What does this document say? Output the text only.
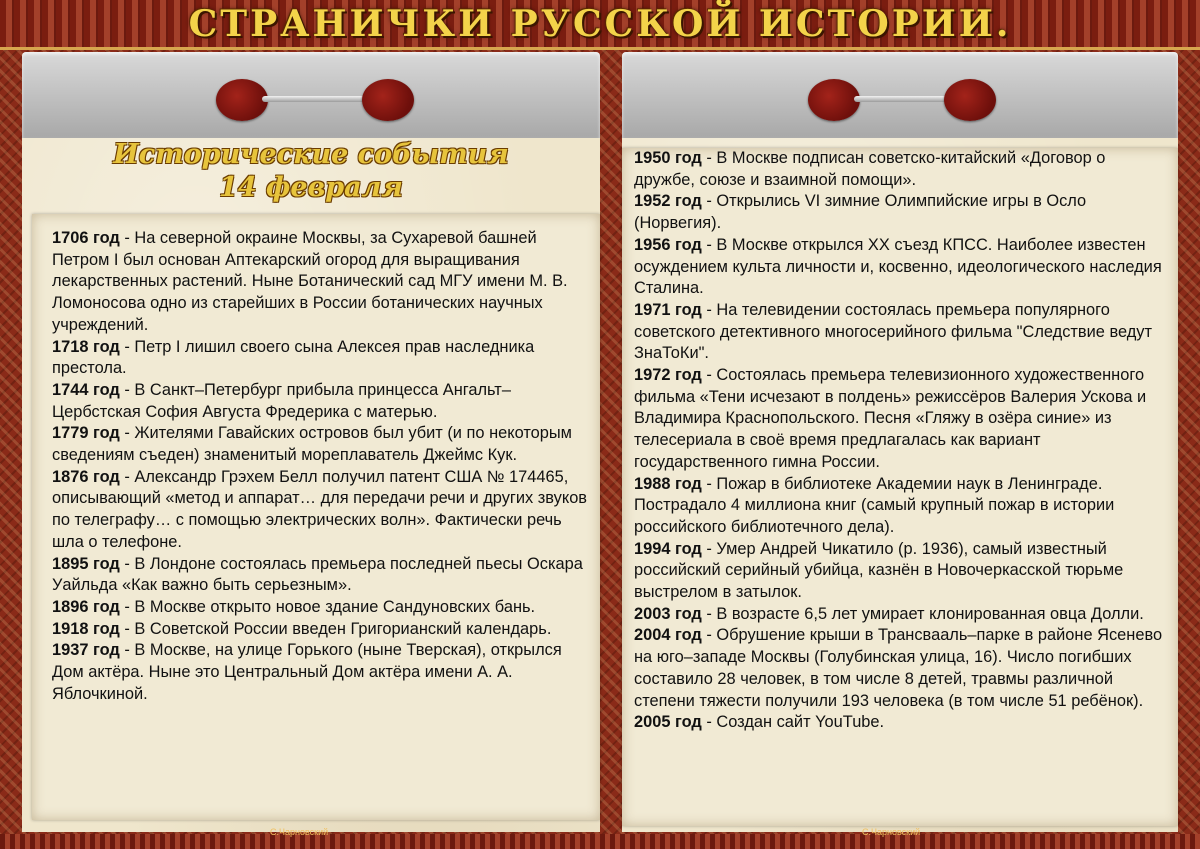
СТРАНИЧКИ РУССКОЙ ИСТОРИИ.
Исторические события
14 февраля

1706 год - На северной окраине Москвы, за Сухаревой башней Петром I был основан Аптекарский огород для выращивания лекарственных растений. Ныне Ботанический сад МГУ имени М. В. Ломоносова одно из старейших в России ботанических научных учреждений.

1718 год - Петр I лишил своего сына Алексея прав наследника престола.

1744 год - В Санкт–Петербург прибыла принцесса Ангальт– Цербстская София Августа Фредерика с матерью.

1779 год - Жителями Гавайских островов был убит (и по некоторым сведениям съеден) знаменитый мореплаватель Джеймс Кук.

1876 год - Александр Грэхем Белл получил патент США № 174465, описывающий «метод и аппарат… для передачи речи и других звуков по телеграфу… с помощью электрических волн». Фактически речь шла о телефоне.

1895 год - В Лондоне состоялась премьера последней пьесы Оскара Уайльда «Как важно быть серьезным».

1896 год - В Москве открыто новое здание Сандуновских бань.

1918 год - В Советской России введен Григорианский календарь.

1937 год - В Москве, на улице Горького (ныне Тверская), открылся Дом актёра. Ныне это Центральный Дом актёра имени А. А. Яблочкиной.

1950 год - В Москве подписан советско-китайский «Договор о дружбе, союзе и взаимной помощи».

1952 год - Открылись VI зимние Олимпийские игры в Осло (Норвегия).

1956 год - В Москве открылся XX съезд КПСС. Наиболее известен осуждением культа личности и, косвенно, идеологического наследия Сталина.

1971 год - На телевидении состоялась премьера популярного советского детективного многосерийного фильма "Следствие ведут ЗнаТоКи".

1972 год - Состоялась премьера телевизионного художественного фильма «Тени исчезают в полдень» режиссёров Валерия Ускова и Владимира Краснопольского. Песня «Гляжу в озёра синие» из телесериала в своё время предлагалась как вариант государственного гимна России.

1988 год - Пожар в библиотеке Академии наук в Ленинграде. Пострадало 4 миллиона книг (самый крупный пожар в истории российского библиотечного дела).

1994 год - Умер Андрей Чикатило (р. 1936), самый известный российский серийный убийца, казнён в Новочеркасской тюрьме выстрелом в затылок.

2003 год - В возрасте 6,5 лет умирает клонированная овца Долли.

2004 год - Обрушение крыши в Трансвааль–парке в районе Ясенево на юго–западе Москвы (Голубинская улица, 16). Число погибших составило 28 человек, в том числе 8 детей, травмы различной степени тяжести получили 193 человека (в том числе 51 ребёнок).

2005 год - Создан сайт YouTube.

С.Чарновский	С.Чарновский
